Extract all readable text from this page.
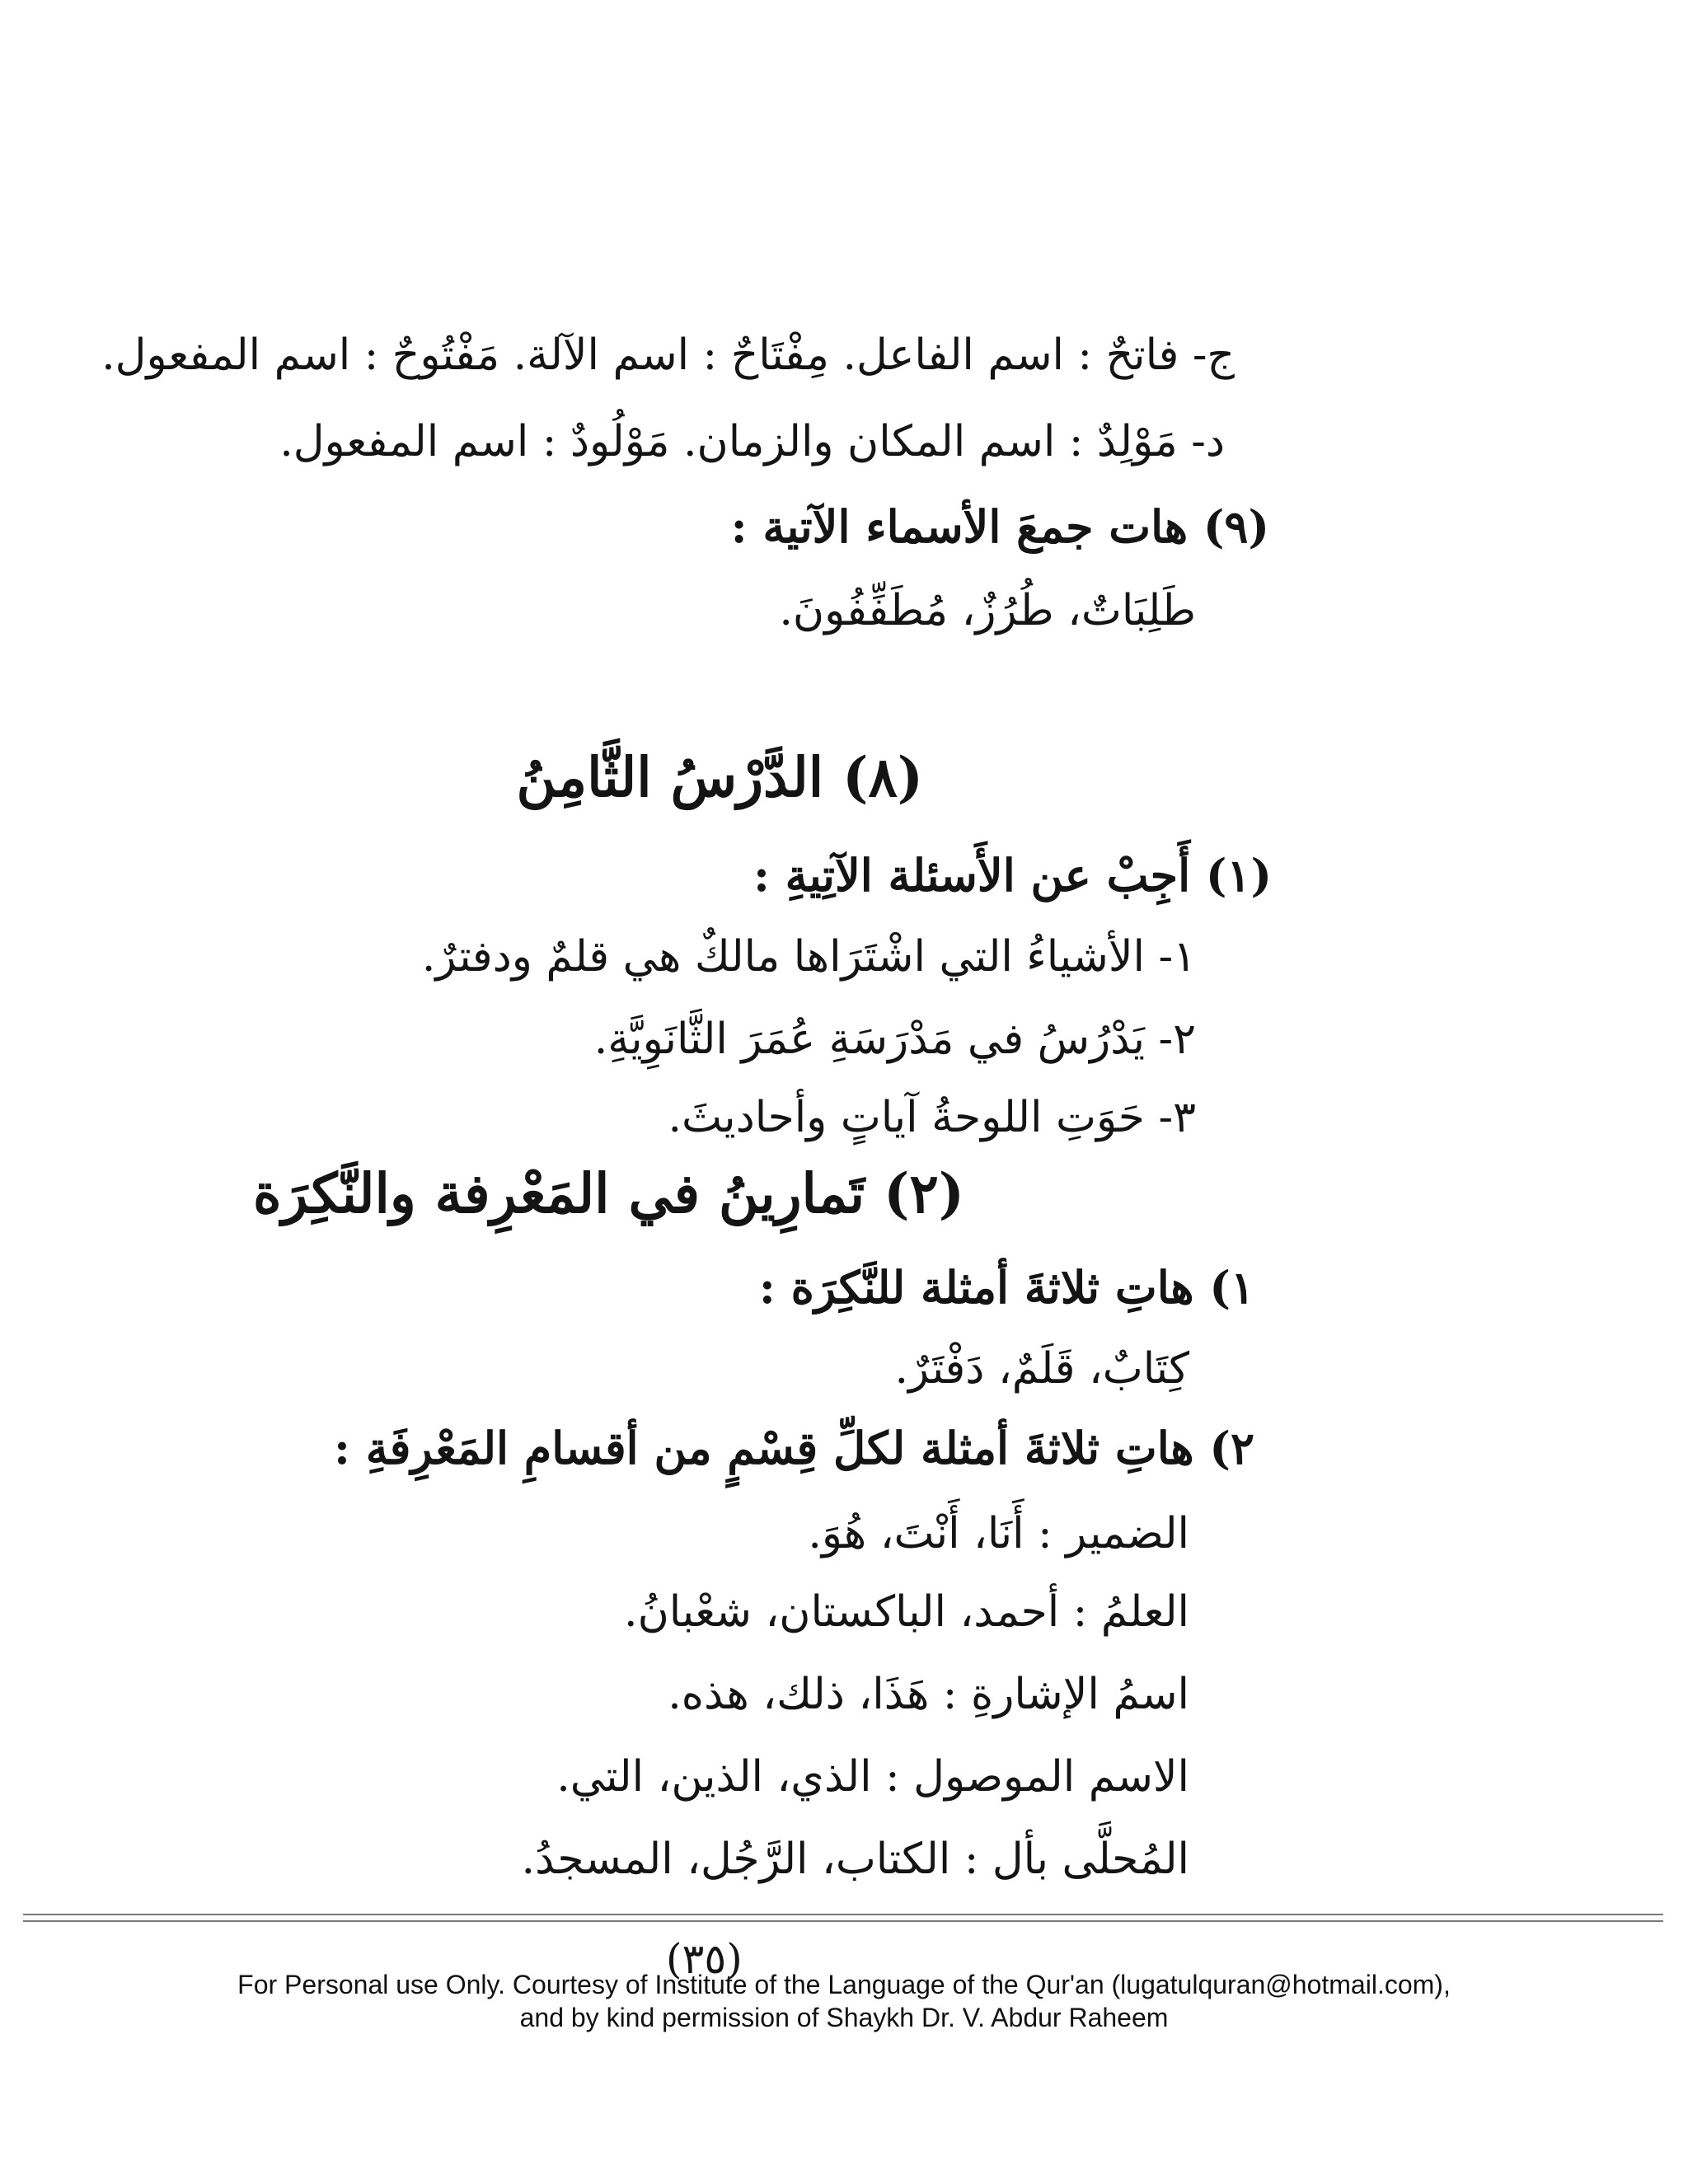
ج- فاتحٌ : اسم الفاعل. مِفْتَاحٌ : اسم الآلة. مَفْتُوحٌ : اسم المفعول.
د- مَوْلِدٌ : اسم المكان والزمان. مَوْلُودٌ : اسم المفعول.
(٩) هات جمعَ الأسماء الآتية :
طَلِبَاتٌ، طُرُزٌ، مُطَفِّفُونَ.
(٨) الدَّرْسُ الثَّامِنُ
(١) أَجِبْ عن الأَسئلة الآتِيةِ :
١- الأشياءُ التي اشْتَرَاها مالكٌ هي قلمٌ ودفترٌ.
٢- يَدْرُسُ في مَدْرَسَةِ عُمَرَ الثَّانَوِيَّةِ.
٣- حَوَتِ اللوحةُ آياتٍ وأحاديثَ.
(٢) تَمارِينُ في المَعْرِفة والنَّكِرَة
١) هاتِ ثلاثةَ أمثلة للنَّكِرَة :
كِتَابٌ، قَلَمٌ، دَفْتَرٌ.
٢) هاتِ ثلاثةَ أمثلة لكلِّ قِسْمٍ من أقسامِ المَعْرِفَةِ :
الضمير : أَنَا، أَنْتَ، هُوَ.
العلمُ : أحمد، الباكستان، شعْبانُ.
اسمُ الإشارةِ : هَذَا، ذلك، هذه.
الاسم الموصول : الذي، الذين، التي.
المُحلَّى بأل : الكتاب، الرَّجُل، المسجدُ.
(٣٥)
For Personal use Only. Courtesy of Institute of the Language of the Qur'an (lugatulquran@hotmail.com),
and by kind permission of Shaykh Dr. V. Abdur Raheem
